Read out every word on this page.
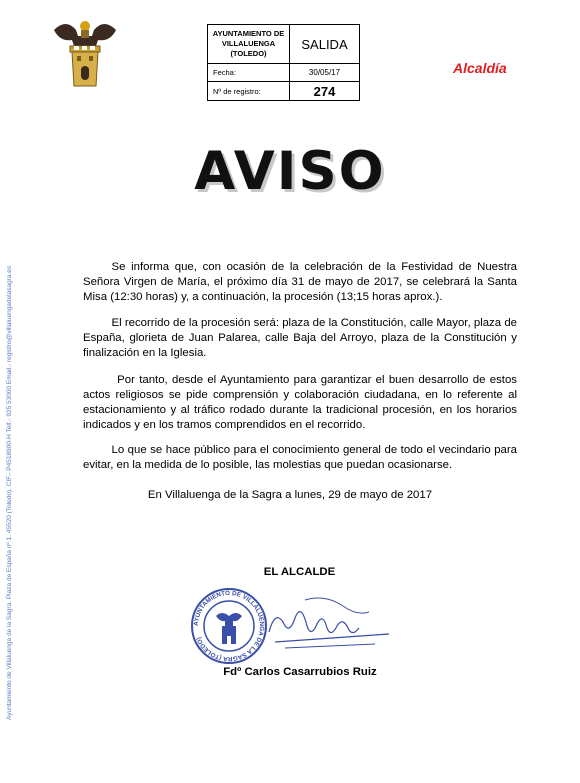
AYUNTAMIENTO DE VILLALUENGA (TOLEDO)
SALIDA
Fecha:	30/05/17
Nº de registro:	274
Alcaldía
Ayuntamiento de Villaluenga de la Sagra. Plaza de España nº 1. 45520 (Toledo). CIF.- P4518900-H Telf.- 925 53000 Email.- registro@villaluengadelasagra.es
AVISO

   Se informa que, con ocasión de la celebración de la Festividad de Nuestra Señora Virgen de María, el próximo día 31 de mayo de 2017, se celebrará la Santa Misa (12:30 horas) y, a continuación, la procesión (13;15 horas aprox.).

   El recorrido de la procesión será: plaza de la Constitución, calle Mayor, plaza de España, glorieta de Juan Palarea, calle Baja del Arroyo, plaza de la Constitución y finalización en la Iglesia.

   Por tanto, desde el Ayuntamiento para garantizar el buen desarrollo de estos actos religiosos se pide comprensión y colaboración ciudadana, en lo referente al estacionamiento y al tráfico rodado durante la tradicional procesión, en los horarios indicados y en los tramos comprendidos en el recorrido.

   Lo que se hace público para el conocimiento general de todo el vecindario para evitar, en la medida de lo posible, las molestias que puedan ocasionarse.

En Villaluenga de la Sagra a lunes, 29 de mayo de 2017
EL ALCALDE
AYUNTAMIENTO DE VILLALUENGA DE LA SAGRA (TOLEDO)
Fdº Carlos Casarrubios Ruiz
